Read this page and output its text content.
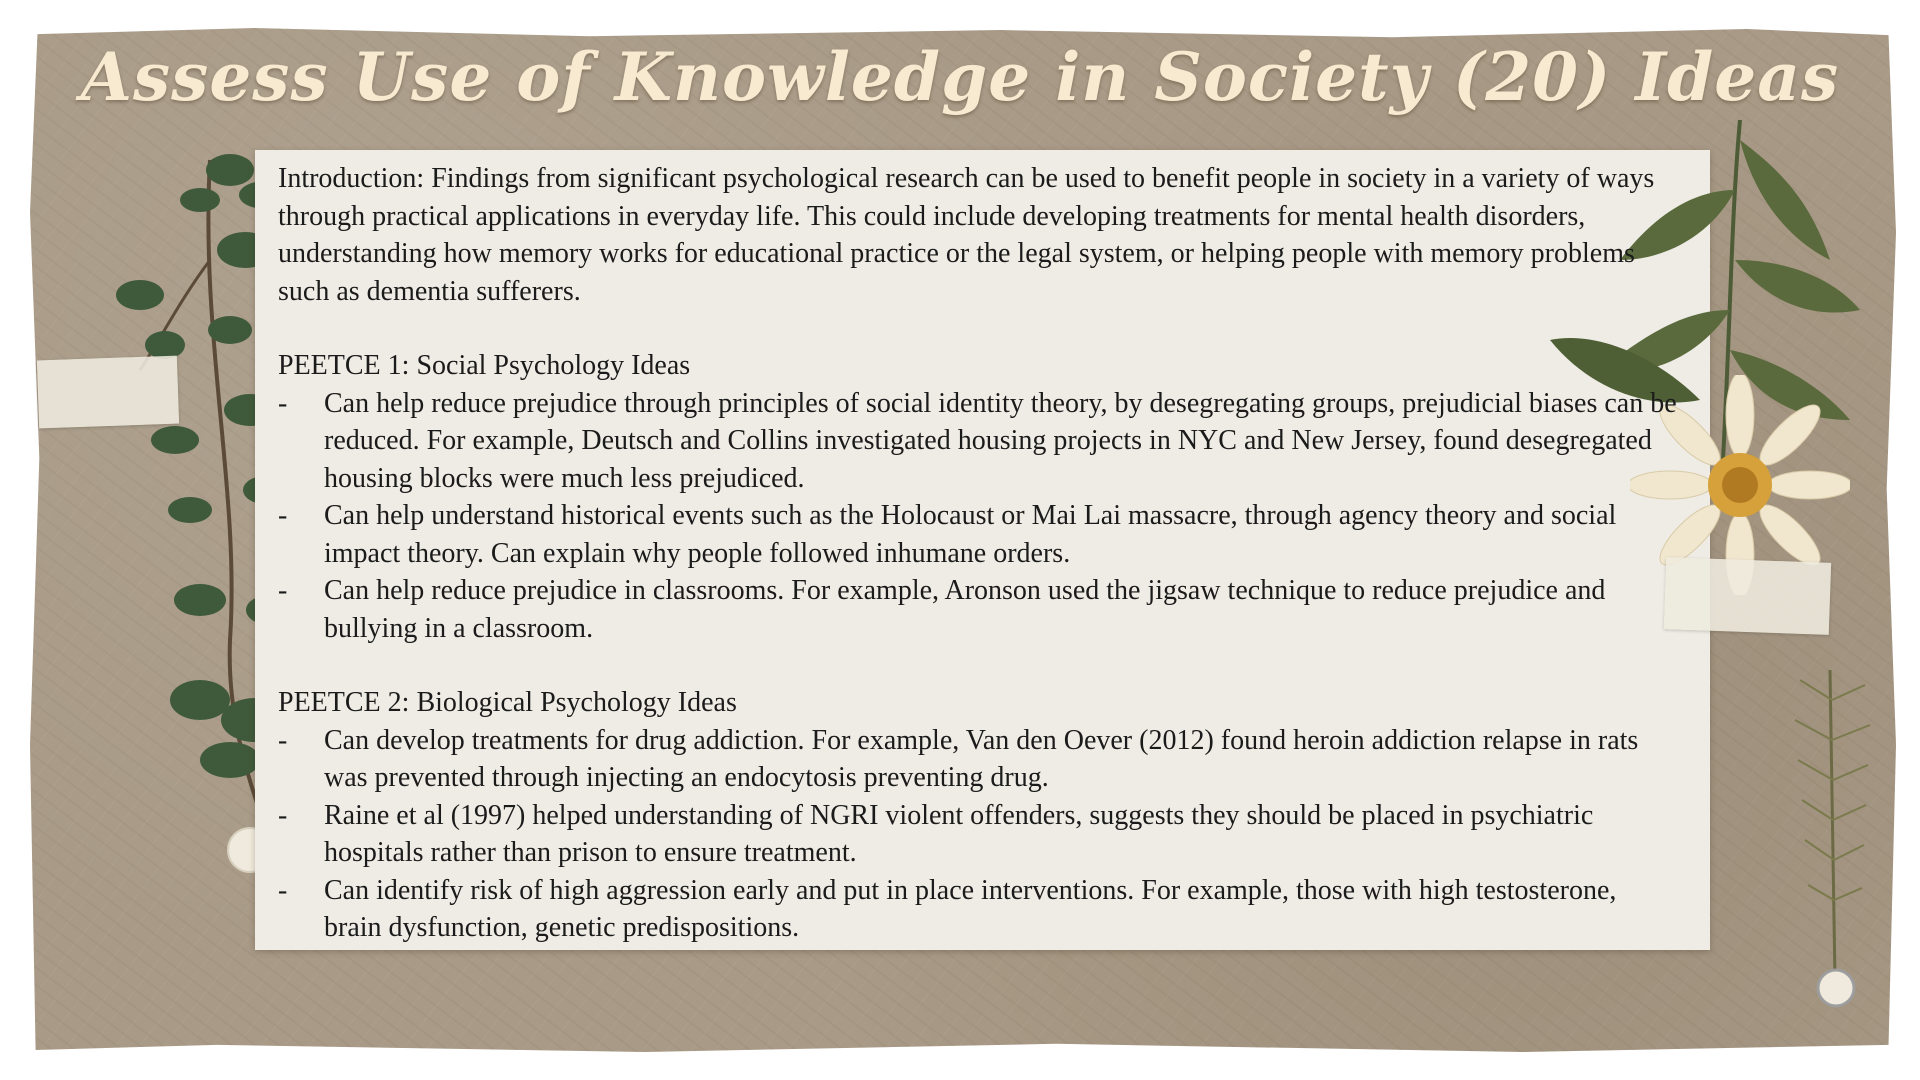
Assess Use of Knowledge in Society (20) Ideas

Introduction: Findings from significant psychological research can be used to benefit people in society in a variety of ways through practical applications in everyday life. This could include developing treatments for mental health disorders, understanding how memory works for educational practice or the legal system, or helping people with memory problems such as dementia sufferers.

PEETCE 1: Social Psychology Ideas

-	Can help reduce prejudice through principles of social identity theory, by desegregating groups, prejudicial biases can be reduced. For example, Deutsch and Collins investigated housing projects in NYC and New Jersey, found desegregated housing blocks were much less prejudiced.
-	Can help understand historical events such as the Holocaust or Mai Lai massacre, through agency theory and social impact theory. Can explain why people followed inhumane orders.
-	Can help reduce prejudice in classrooms. For example, Aronson used the jigsaw technique to reduce prejudice and bullying in a classroom.

PEETCE 2: Biological Psychology Ideas

-	Can develop treatments for drug addiction. For example, Van den Oever (2012) found heroin addiction relapse in rats was prevented through injecting an endocytosis preventing drug.
-	Raine et al (1997) helped understanding of NGRI violent offenders, suggests they should be placed in psychiatric hospitals rather than prison to ensure treatment.
-	Can identify risk of high aggression early and put in place interventions. For example, those with high testosterone, brain dysfunction, genetic predispositions.
